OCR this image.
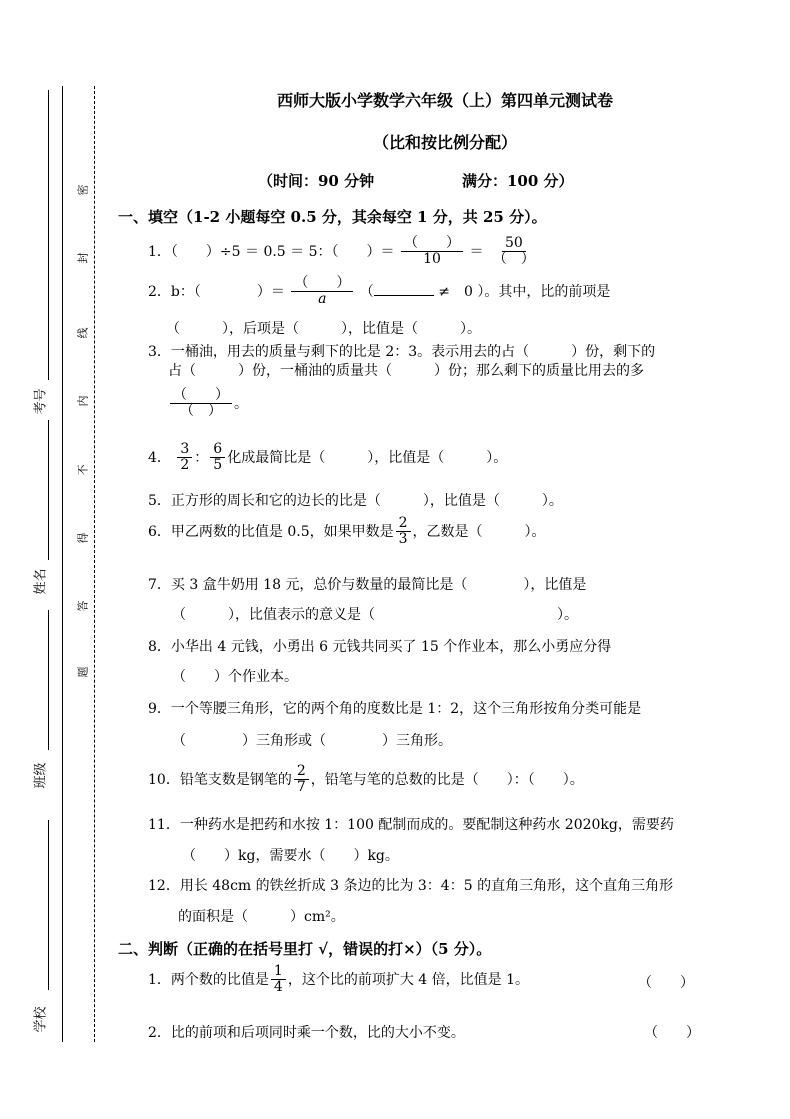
考号
姓名
班级
学校
密
封
线
内
不
得
答
题
西师大版小学数学六年级（上）第四单元测试卷
（比和按比例分配）
（时间：90 分钟	满分：100 分）
一、填空（1-2 小题每空 0.5 分，其余每空 1 分，共 25 分）。
1．（　　）÷5 ＝ 0.5 ＝ 5：（　　）＝ $\frac{( )}{10} = \frac{50}{( )}$
2．b：（　　　　）＝ $\frac{( )}{a}$ （	≠　0 ）。其中，比的前项是
（　　　），后项是（　　　），比值是（　　　）。
3．一桶油，用去的质量与剩下的比是 2：3。表示用去的占（　　　）份，剩下的
占（　　　）份，一桶油的质量共（　　　）份；那么剩下的质量比用去的多
$\frac{( )}{( )}$ 。
4． $\frac{3}{2}$ ： $\frac{6}{5}$ 化成最简比是（　　　），比值是（　　　）。
5．正方形的周长和它的边长的比是（　　　），比值是（　　　）。
6．甲乙两数的比值是 0.5，如果甲数是 $\frac{2}{3}$ ，乙数是（　　　）。
7．买 3 盒牛奶用 18 元，总价与数量的最简比是（　　　　），比值是
（　　　），比值表示的意义是（　　　　　　　　　　　　　）。
8．小华出 4 元钱，小勇出 6 元钱共同买了 15 个作业本，那么小勇应分得
（　　）个作业本。
9．一个等腰三角形，它的两个角的度数比是 1：2，这个三角形按角分类可能是
（　　　　）三角形或（　　　　）三角形。
10．铅笔支数是钢笔的 $\frac{2}{7}$ ，铅笔与笔的总数的比是（　　）：（　　）。
11．一种药水是把药和水按 1：100 配制而成的。要配制这种药水 2020kg，需要药
（　　）kg，需要水（　　）kg。
12．用长 48cm 的铁丝折成 3 条边的比为 3：4：5 的直角三角形，这个直角三角形
的面积是（　　　）cm²。
二、判断（正确的在括号里打 √，错误的打×）（5 分）。
1．两个数的比值是 $\frac{1}{4}$ ，这个比的前项扩大 4 倍，比值是 1。	（　　）
2．比的前项和后项同时乘一个数，比的大小不变。	（　　）
